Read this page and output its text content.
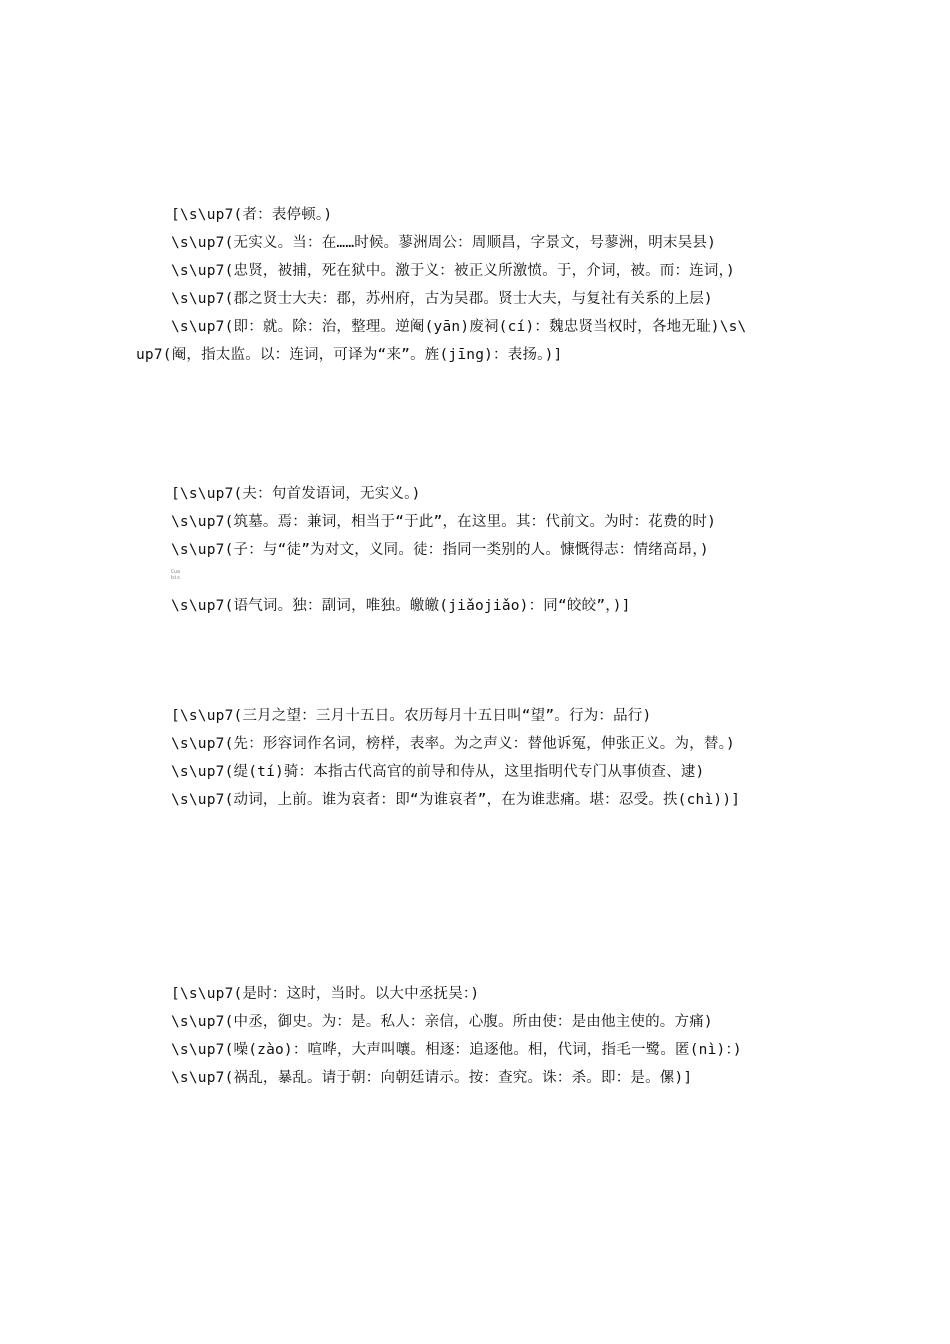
[\s\up7(者：表停顿。)
\s\up7(无实义。当：在……时候。蓼洲周公：周顺昌，字景文，号蓼洲，明末吴县)
\s\up7(忠贤，被捕，死在狱中。激于义：被正义所激愤。于，介词，被。而：连词，)
\s\up7(郡之贤士大夫：郡，苏州府，古为吴郡。贤士大夫，与复社有关系的上层)
\s\up7(即：就。除：治，整理。逆阉(yān)废祠(cí)：魏忠贤当权时，各地无耻)\s\
up7(阉，指太监。以：连词，可译为“来”。旌(jīng)：表扬。)]
[\s\up7(夫：句首发语词，无实义。)
\s\up7(筑墓。焉：兼词，相当于“于此”，在这里。其：代前文。为时：花费的时)
\s\up7(子：与“徒”为对文，义同。徒：指同一类别的人。慷慨得志：情绪高昂，)
Cua
bis
\s\up7(语气词。独：副词，唯独。皦皦(jiǎojiǎo)：同“皎皎”，)]
[\s\up7(三月之望：三月十五日。农历每月十五日叫“望”。行为：品行)
\s\up7(先：形容词作名词，榜样，表率。为之声义：替他诉冤，伸张正义。为，替。)
\s\up7(缇(tí)骑：本指古代高官的前导和侍从，这里指明代专门从事侦查、逮)
\s\up7(动词，上前。谁为哀者：即“为谁哀者”，在为谁悲痛。堪：忍受。抶(chì))]
[\s\up7(是时：这时，当时。以大中丞抚吴：)
\s\up7(中丞，御史。为：是。私人：亲信，心腹。所由使：是由他主使的。方痛)
\s\up7(噪(zào)：喧哗，大声叫嚷。相逐：追逐他。相，代词，指毛一鹭。匿(nì)：)
\s\up7(祸乱，暴乱。请于朝：向朝廷请示。按：查究。诛：杀。即：是。傫)]
